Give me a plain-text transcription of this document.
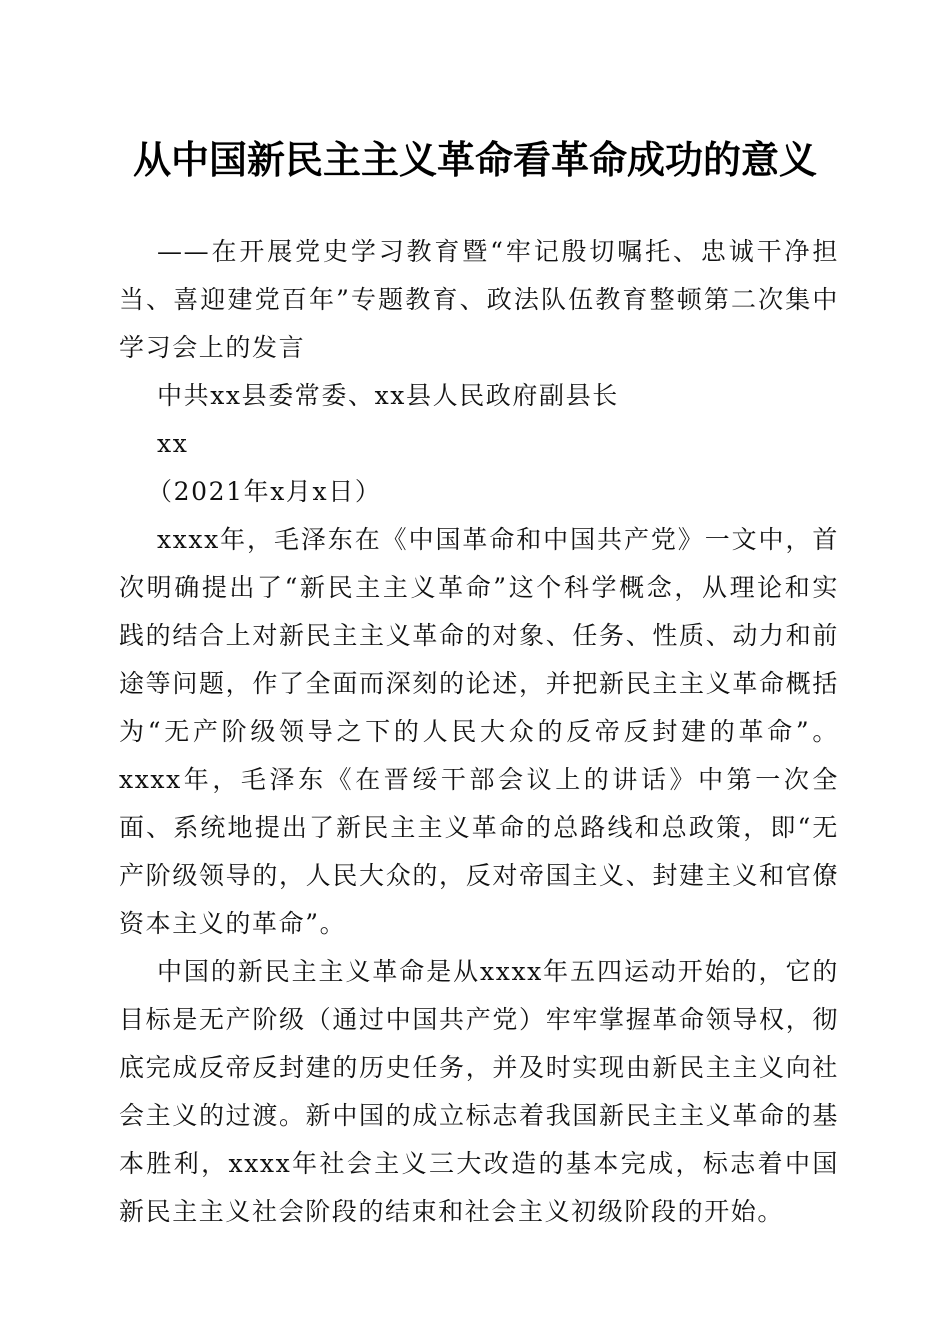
从中国新民主主义革命看革命成功的意义

——在开展党史学习教育暨“牢记殷切嘱托、忠诚干净担当、喜迎建党百年”专题教育、政法队伍教育整顿第二次集中学习会上的发言

中共xx县委常委、xx县人民政府副县长

xx

（2021年x月x日）

xxxx年，毛泽东在《中国革命和中国共产党》一文中，首次明确提出了“新民主主义革命”这个科学概念，从理论和实践的结合上对新民主主义革命的对象、任务、性质、动力和前途等问题，作了全面而深刻的论述，并把新民主主义革命概括为“无产阶级领导之下的人民大众的反帝反封建的革命”。xxxx年，毛泽东《在晋绥干部会议上的讲话》中第一次全面、系统地提出了新民主主义革命的总路线和总政策，即“无产阶级领导的，人民大众的，反对帝国主义、封建主义和官僚资本主义的革命”。

中国的新民主主义革命是从xxxx年五四运动开始的，它的目标是无产阶级（通过中国共产党）牢牢掌握革命领导权，彻底完成反帝反封建的历史任务，并及时实现由新民主主义向社会主义的过渡。新中国的成立标志着我国新民主主义革命的基本胜利，xxxx年社会主义三大改造的基本完成，标志着中国新民主主义社会阶段的结束和社会主义初级阶段的开始。
